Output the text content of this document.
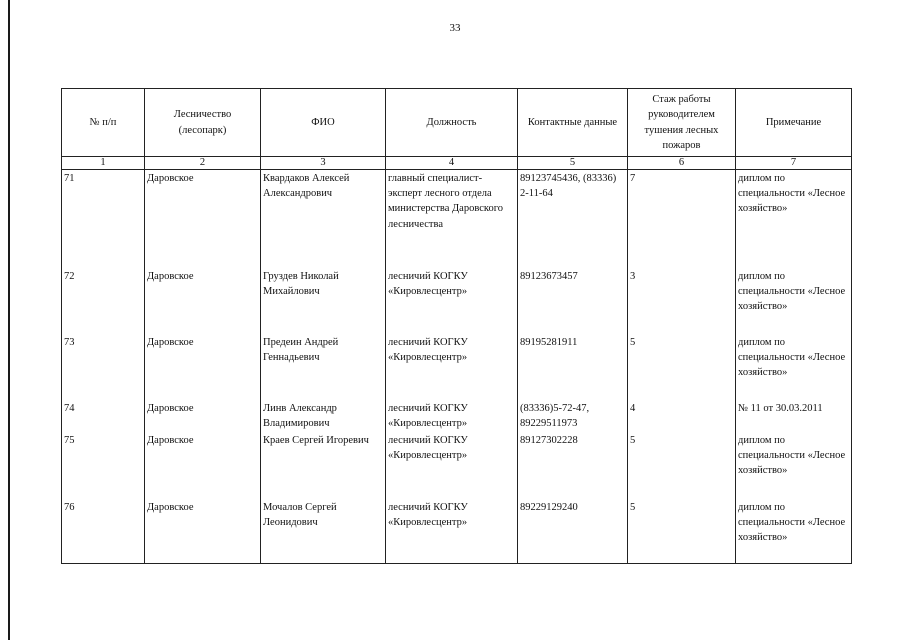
33
№ п/п	Лесничество (лесопарк)	ФИО	Должность	Контактные данные	Стаж работы руководителем тушения лесных пожаров	Примечание
1	2	3	4	5	6	7
71	Даровское	Квардаков Алексей Александрович	главный специалист-эксперт лесного отдела министерства Даровского лесничества	89123745436, (83336) 2-11-64	7	диплом по специальности «Лесное хозяйство»
72	Даровское	Груздев Николай Михайлович	лесничий КОГКУ «Кировлесцентр»	89123673457	3	диплом по специальности «Лесное хозяйство»
73	Даровское	Предеин Андрей Геннадьевич	лесничий КОГКУ «Кировлесцентр»	89195281911	5	диплом по специальности «Лесное хозяйство»
74	Даровское	Линв Александр Владимирович	лесничий КОГКУ «Кировлесцентр»	(83336)5-72-47, 89229511973	4	№ 11 от 30.03.2011
75	Даровское	Краев Сергей Игоревич	лесничий КОГКУ «Кировлесцентр»	89127302228	5	диплом по специальности «Лесное хозяйство»
76	Даровское	Мочалов Сергей Леонидович	лесничий КОГКУ «Кировлесцентр»	89229129240	5	диплом по специальности «Лесное хозяйство»
